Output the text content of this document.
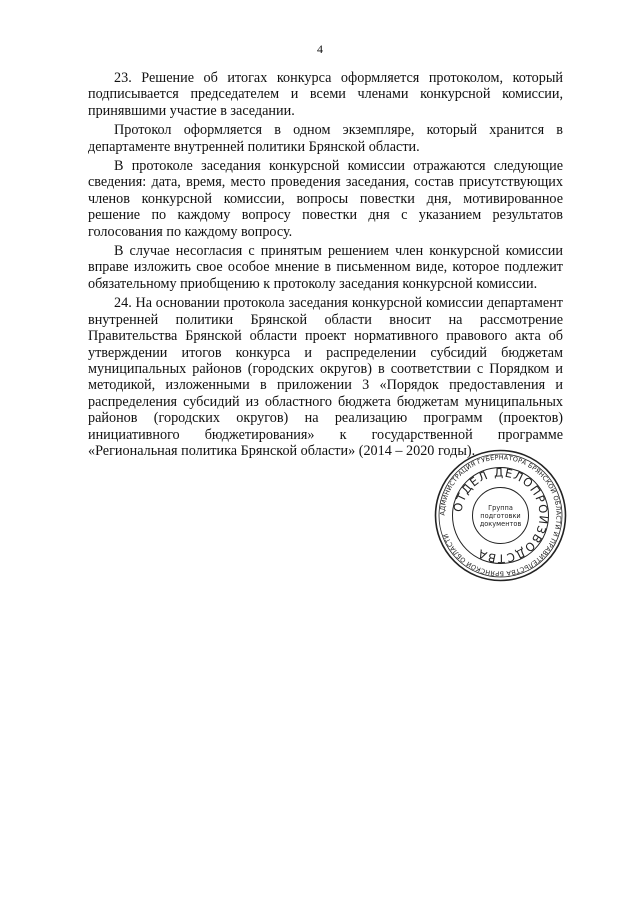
4

23. Решение об итогах конкурса оформляется протоколом, который подписывается председателем и всеми членами конкурсной комиссии, принявшими участие в заседании.

Протокол оформляется в одном экземпляре, который хранится в департаменте внутренней политики Брянской области.

В протоколе заседания конкурсной комиссии отражаются следующие сведения: дата, время, место проведения заседания, состав присутствующих членов конкурсной комиссии, вопросы повестки дня, мотивированное решение по каждому вопросу повестки дня с указанием результатов голосования по каждому вопросу.

В случае несогласия с принятым решением член конкурсной комиссии вправе изложить свое особое мнение в письменном виде, которое подлежит обязательному приобщению к протоколу заседания конкурсной комиссии.

24. На основании протокола заседания конкурсной комиссии департамент внутренней политики Брянской области вносит на рассмотрение Правительства Брянской области проект нормативного правового акта об утверждении итогов конкурса и распределении субсидий бюджетам муниципальных районов (городских округов) в соответствии с Порядком и методикой, изложенными в приложении 3 «Порядок предоставления и распределения субсидий из областного бюджета бюджетам муниципальных районов (городских округов) на реализацию программ (проектов) инициативного бюджетирования» к государственной программе «Региональная политика Брянской области» (2014 – 2020 годы).

АДМИНИСТРАЦИЯ ГУБЕРНАТОРА БРЯНСКОЙ ОБЛАСТИ И ПРАВИТЕЛЬСТВА БРЯНСКОЙ ОБЛАСТИ
ОТДЕЛ ДЕЛОПРОИЗВОДСТВА
Группа
подготовки
документов
